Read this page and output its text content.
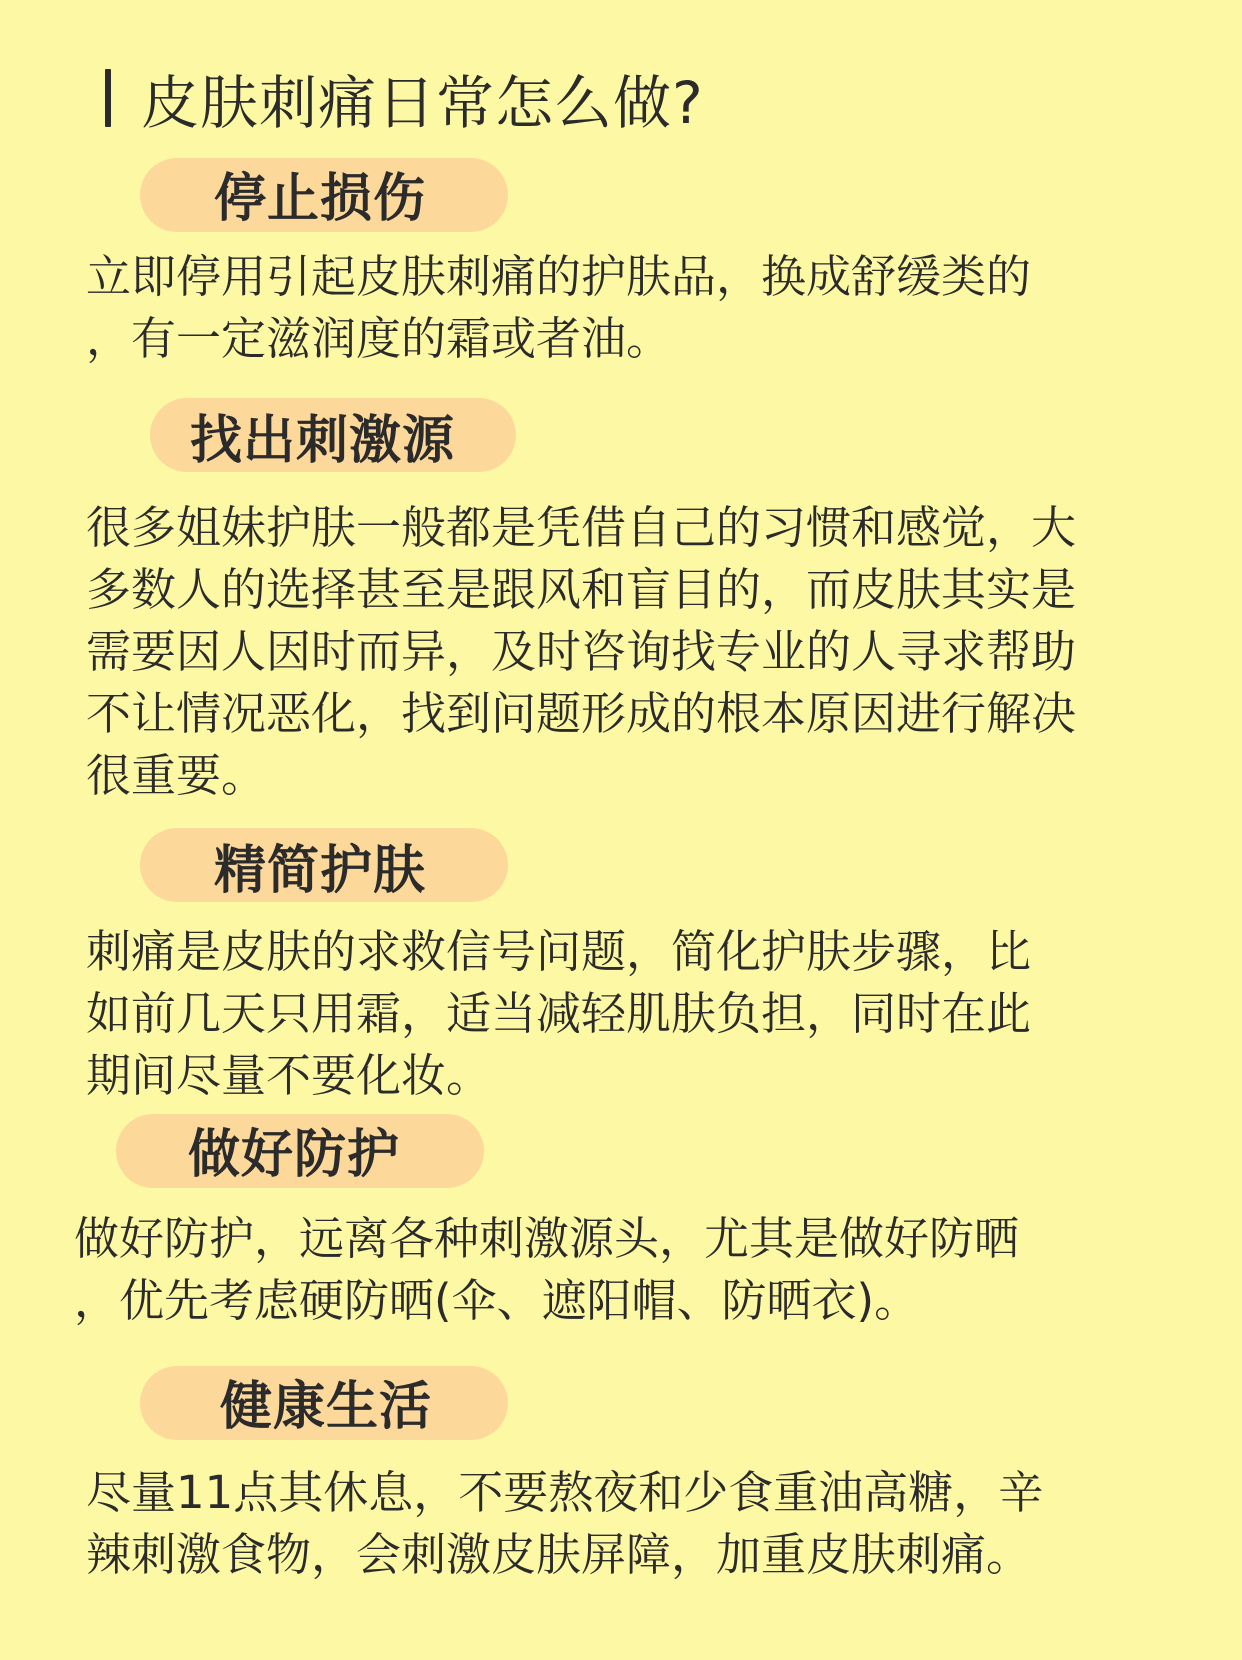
皮肤刺痛日常怎么做?
停止损伤
立即停用引起皮肤刺痛的护肤品，换成舒缓类的
，有一定滋润度的霜或者油。
找出刺激源
很多姐妹护肤一般都是凭借自己的习惯和感觉，大
多数人的选择甚至是跟风和盲目的，而皮肤其实是
需要因人因时而异，及时咨询找专业的人寻求帮助
不让情况恶化，找到问题形成的根本原因进行解决
很重要。
精简护肤
刺痛是皮肤的求救信号问题，简化护肤步骤，比
如前几天只用霜，适当减轻肌肤负担，同时在此
期间尽量不要化妆。
做好防护
做好防护，远离各种刺激源头，尤其是做好防晒
，优先考虑硬防晒(伞、遮阳帽、防晒衣)。
健康生活
尽量11点其休息，不要熬夜和少食重油高糖，辛
辣刺激食物，会刺激皮肤屏障，加重皮肤刺痛。
